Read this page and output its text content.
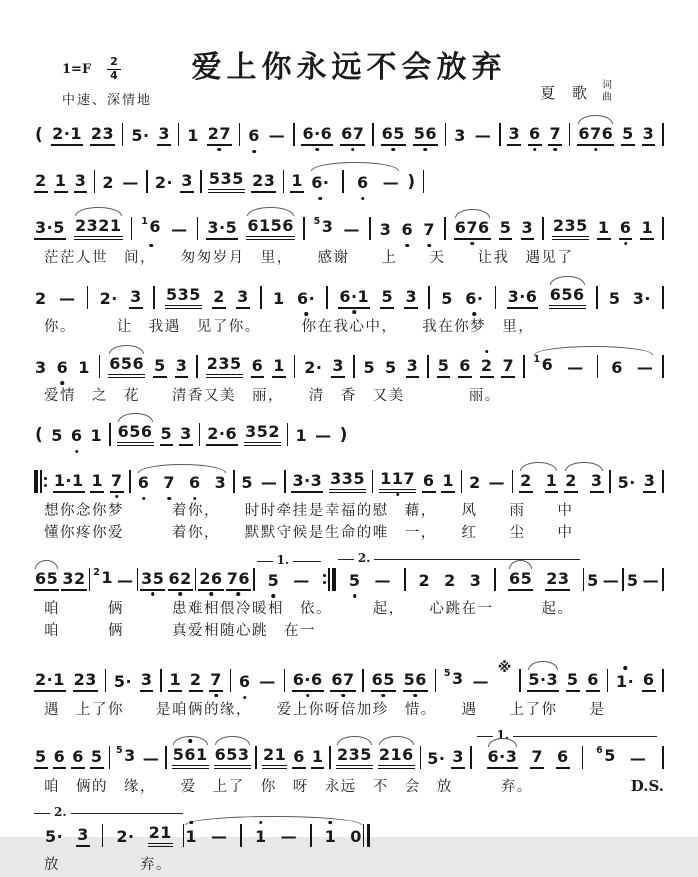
$1=F \frac{2}{4}$
中速、深情地
爱上你永远不会放弃
夏 歌 词
曲
( 2·1 23 5· 3 1 27 6 — 6·6 67 65 56 3 — 3 6 7 676 5 3
2 1 3 2 — 2· 3 535 23 1 6· 6 — )
3·5 2321 $^1$6 — 3·5 6156 $^5$3 — 3 6 7 676 5 3 235 1 6 1
茫茫人世　间，　　匆匆岁月　里，　　感谢　　上　　天　　让我　遇见了
2 — 2· 3 535 2 3 1 6· 6·1 5 3 5 6· 3·6 656 5 3·
你。　　　让　我遇　见了你。　　　你在我心中，　　我在你梦　里，
3 6 1 656 5 3 235 6 1 2· 3 5 5 3 5 6 2 7 $^1$6 — 6 —
爱情　之　花　　清香又美　丽，　　清　香　又美　　　　丽。
( 5 6 1 656 5 3 2·6 352 1 — )
1·1 1 7 6 7 6 3 5 — 3·3 335 117 6 1 2 — 2 1 2 3 5· 3
想你念你梦　　　着你，　　时时牵挂是幸福的慰　藉，　　风　　雨　　中
懂你疼你爱　　　着你，　　默默守候是生命的唯　一，　　红　　尘　　中
65 32 $^2$1 — 35 62 26 76
1.
5 —
2.
5 — 2 2 3 65 23 5 — 5 —
咱　　　俩　　　患难相偎冷暖相　依。　　　起，　　心跳在一　　　起。
咱　　　俩　　　真爱相随心跳　在一
2·1 23 5· 3 1 2 7 6 — 6·6 67 65 56 $^5$3 —
※
5·3 5 6 1· 6
遇　上了你　　是咱俩的缘，　　爱上你呀倍加珍　惜。　　遇　　上了你　　是
5 6 6 5 $^5$3 — 561 653 21 6 1 235 216 5· 3
1.
6·3 7 6	$^6$5 —
咱　俩的　缘，　　爱　上了　你　呀　永远　不　会　放　　　弃。	D.S.
2.
5· 3 2· 21 1 — 1 — 1 0
放　　　　　弃。
